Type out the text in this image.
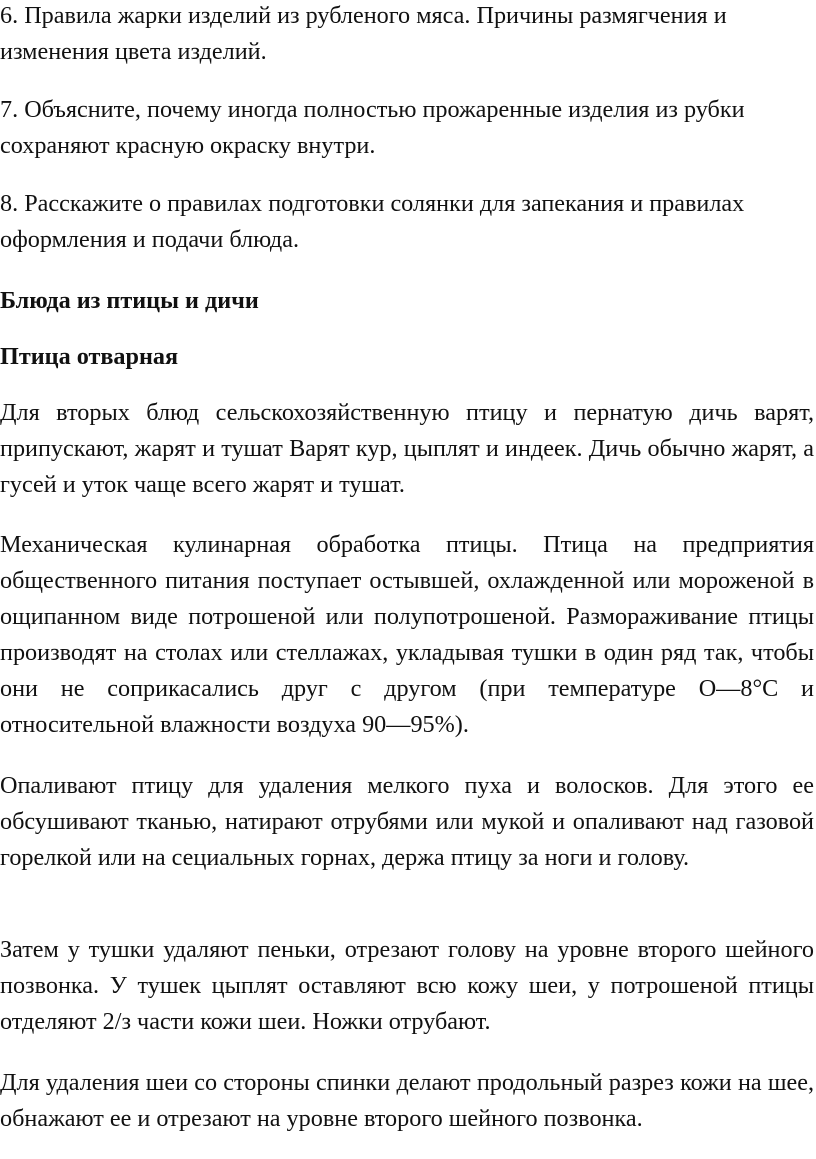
6. Правила жарки изделий из рубленого мяса. Причины размягчения и изменения цвета изделий.

7. Объясните, почему иногда полностью прожаренные изделия из рубки сохраняют красную окраску внутри.

8. Расскажите о правилах подготовки солянки для запекания и правилах оформления и подачи блюда.

Блюда из птицы и дичи

Птица отварная

Для вторых блюд сельскохозяйственную птицу и пернатую дичь варят, припускают, жарят и тушат Варят кур, цыплят и индеек. Дичь обычно жарят, а гусей и уток чаще всего жарят и тушат.

Механическая кулинарная обработка птицы. Птица на предприятия общественного питания поступает остывшей, охлажденной или мороженой в ощипанном виде потрошеной или полупотрошеной. Размораживание птицы производят на столах или стеллажах, укладывая тушки в один ряд так, чтобы они не соприкасались друг с другом (при температуре О—8°С и относительной влажности воздуха 90—95%).

Опаливают птицу для удаления мелкого пуха и волосков. Для этого ее обсушивают тканью, натирают отрубями или мукой и опаливают над газовой горелкой или на сециальных горнах, держа птицу за ноги и голову.

Затем у тушки удаляют пеньки, отрезают голову на уровне второго шейного позвонка. У тушек цыплят оставляют всю кожу шеи, у потрошеной птицы отделяют 2/з части кожи шеи. Ножки отрубают.

Для удаления шеи со стороны спинки делают продольный разрез кожи на шее, обнажают ее и отрезают на уровне второго шейного позвонка.
